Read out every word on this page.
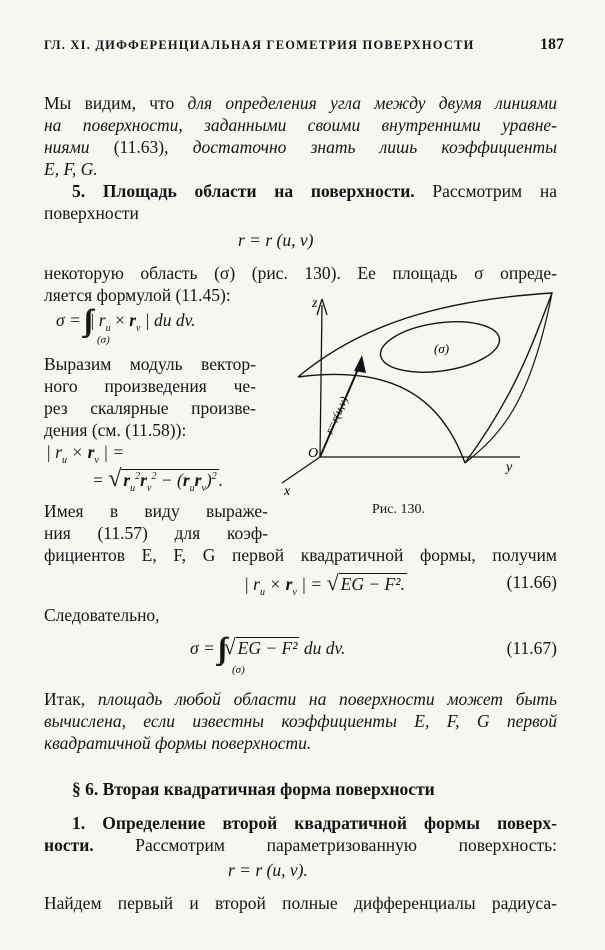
ГЛ. XI. ДИФФЕРЕНЦИАЛЬНАЯ ГЕОМЕТРИЯ ПОВЕРХНОСТИ	187
Мы видим, что для определения угла между двумя линиями
на поверхности, заданными своими внутренними уравне-
ниями (11.63), достаточно знать лишь коэффициенты
E, F, G.
5. Площадь области на поверхности. Рассмотрим на
поверхности
r = r (u, v)
некоторую область (σ) (рис. 130). Ее площадь σ опреде-
ляется формулой (11.45):
σ = | $r_u \times r_v$ | du dv.
(σ)
Выразим модуль вектор-
ного произведения че-
рез скалярные произве-
дения (см. (11.58)):
| $r_u \times r_v$ | =
= √ $r_u^2r_v^2 - (r_ur_v)^2$ .
Имея в виду выраже-
ния (11.57) для коэф-
фициентов E, F, G первой квадратичной формы, получим
(σ)
r=r(u,v)
z
y
x
O
Рис. 130.
| $r_u \times r_v$ | = √ EG − F².	(11.66)
Следовательно,
σ = √ EG − F² du dv.
(σ)
(11.67)
Итак, площадь любой области на поверхности может быть
вычислена, если известны коэффициенты E, F, G первой
квадратичной формы поверхности.
§ 6. Вторая квадратичная форма поверхности
1. Определение второй квадратичной формы поверх-
ности. Рассмотрим параметризованную поверхность:
r = r (u, v).
Найдем первый и второй полные дифференциалы радиуса-
